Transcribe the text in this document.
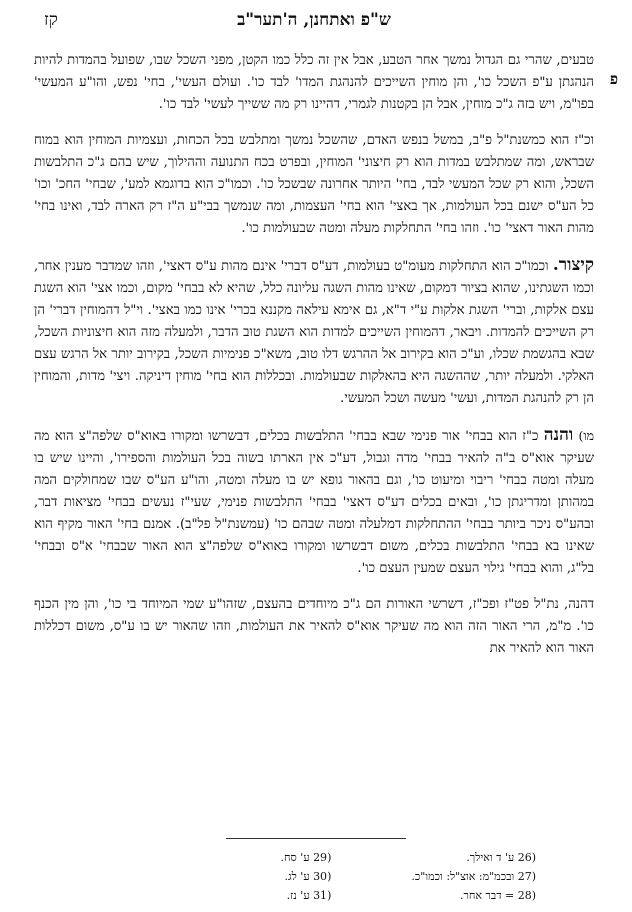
ש"פ ואתחנן, ה'תער"ב
קז
פ

טבעים, שהרי גם הגדול נמשך אחר הטבע, אבל אין זה כלל כמו הקטן, מפני השכל שבו, שפועל בהמדות להיות הנהגתן ע"פ השכל כו', והן מוחין השייכים להנהגת המדו' לבד כו'. ועולם העשי', בחי' נפש, והו"ע המעשי' בפו"מ, ויש בזה ג"כ מוחין, אבל הן בקטנות לגמרי, דהיינו רק מה ששייך לעשי' לבד כו'.

וכ"ז הוא כמשנת"ל פ"ב, במשל בנפש האדם, שהשכל נמשך ומתלבש בכל הכחות, ועצמיות המוחין הוא במוח שבראש, ומה שמתלבש במדות הוא רק חיצוני' המוחין, ובפרט בכח התנועה וההילוך, שיש בהם ג"כ התלבשות השכל, והוא רק שכל המעשי לבד, בחי' היותר אחרונה שבשכל כו'. וכמו"כ הוא בדוגמא למע', שבחי' החכ' וכו' כל הע"ס ישנם בכל העולמות, אך באצי' הוא בחי' העצמות, ומה שנמשך בבי"ע ה"ז רק הארה לבד, ואינו בחי' מהות האור דאצי' כו'. וזהו בחי' התחלקות מעלה ומטה שבעולמות כו'.

קיצור. וכמו"כ הוא התחלקות מעומ"ט בעולמות, דע"ס דברי' אינם מהות ע"ס דאצי', וזהו שמדבר מענין אחר, וכמו השגתינו, שהוא בציור דמקום, שאינו מהות השגה עליונה כלל, שהיא לא בבחי' מקום, וכמו אצי' הוא השגת עצם אלקות, וברי' השגת אלקות ע"י ד"א, גם אימא עילאה מקננא בכרי' אינו כמו באצי'. וי"ל דהמוחין דברי' הן רק השייכים להמדות. ויבאר, דהמוחין השייכים למדות הוא השגת טוב הדבר, ולמעלה מזה הוא חיצוניות השכל, שבא בהגשמת שכלו, וע"כ הוא בקירוב אל ההרגש דלו טוב, משא"כ פנימיות השכל, בקירוב יותר אל הרגש עצם האלקי. ולמעלה יותר, שההשגה היא בהאלקות שבעולמות. ובכללות הוא בחי' מוחין דיניקה. ויצי' מדות, והמוחין הן רק להנהגת המדות, ועשי' מעשה ושכל המעשי.

מו) והנה כ"ז הוא בבחי' אור פנימי שבא בבחי' התלבשות בכלים, דבשרשו ומקורו באוא"ס שלפה"צ הוא מה שעיקר אוא"ס ב"ה להאיר בבחי' מדה וגבול, דע"כ אין הארתו בשוה בכל העולמות והספירו', והיינו שיש בו מעלה ומטה בבחי' ריבוי ומיעוט כו', וגם בהאור גופא יש בו מעלה ומטה, והו"ע הע"ס שבו שמחולקים המה במהותן ומדריגתן כו', ובאים בכלים דע"ס דאצי' בבחי' התלבשות פנימי, שעי"ז נעשים בבחי' מציאות דבר, ובהע"ס ניכר ביותר בבחי' ההתחלקות דמלעלה ומטה שבהם כו' (עמשנת"ל פל"ב). אמנם בחי' האור מקיף הוא שאינו בא בבחי' התלבשות בכלים, משום דבשרשו ומקורו באוא"ס שלפה"צ הוא האור שבבחי' א"ס ובבחי' בל"ג, והוא בבחי' גילוי העצם שמעין העצם כו'.

דהנה, נת"ל פט"ז ופכ"ז, דשרשי האורות הם ג"כ מיוחדים בהעצם, שזהו"ע שמי המיוחד בי כו', והן מין הכנף כו'. מ"מ, הרי האור הזה הוא מה שעיקר אוא"ס להאיר את העולמות, וזהו שהאור יש בו ע"ס, משום דכללות האור הוא להאיר את

(26 ע' ד ואילך.
(29 ע' סח.
(27 ובכמ"מ: אוצ"ל: וכמו"כ.
(30 ע' לג.
(28 = דבר אחר.
(31 ע' נז.
